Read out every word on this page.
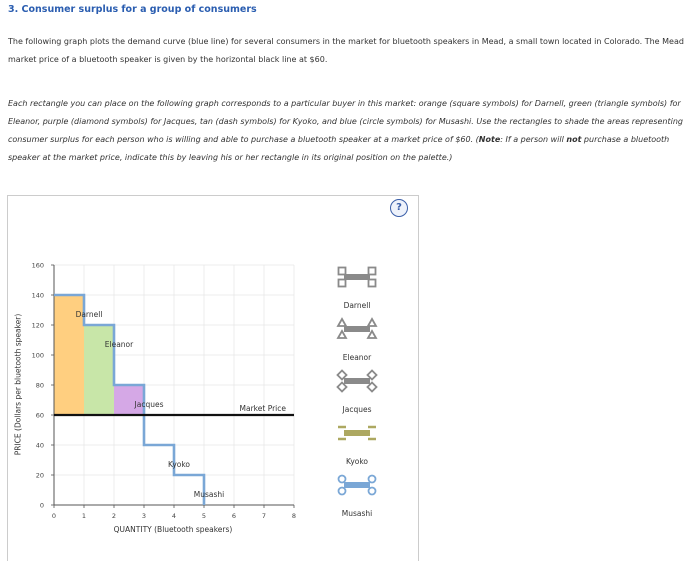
3. Consumer surplus for a group of consumers
The following graph plots the demand curve (blue line) for several consumers in the market for bluetooth speakers in Mead, a small town located in Colorado. The Mead market price of a bluetooth speaker is given by the horizontal black line at $60.
Each rectangle you can place on the following graph corresponds to a particular buyer in this market: orange (square symbols) for Darnell, green (triangle symbols) for Eleanor, purple (diamond symbols) for Jacques, tan (dash symbols) for Kyoko, and blue (circle symbols) for Musashi. Use the rectangles to shade the areas representing consumer surplus for each person who is willing and able to purchase a bluetooth speaker at a market price of $60. (Note: If a person will not purchase a bluetooth speaker at the market price, indicate this by leaving his or her rectangle in its original position on the palette.)
?
PRICE (Dollars per bluetooth speaker)
0	1	2	3	4	5	6	7	8
0
20
40
60
80
100
120
140
160
Market Price
Darnell
Eleanor
Jacques
Kyoko
Musashi
QUANTITY (Bluetooth speakers)
Darnell
Eleanor
Jacques
Kyoko
Musashi
